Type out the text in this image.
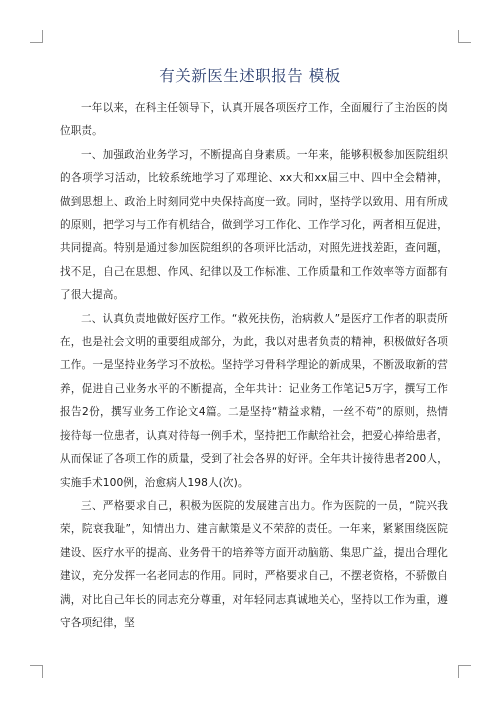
有关新医生述职报告 模板

一年以来，在科主任领导下，认真开展各项医疗工作，全面履行了主治医的岗位职责。

一、加强政治业务学习，不断提高自身素质。一年来，能够积极参加医院组织的各项学习活动，比较系统地学习了邓理论、xx大和xx届三中、四中全会精神，做到思想上、政治上时刻同党中央保持高度一致。同时，坚持学以致用、用有所成的原则，把学习与工作有机结合，做到学习工作化、工作学习化，两者相互促进，共同提高。特别是通过参加医院组织的各项评比活动，对照先进找差距，查问题，找不足，自己在思想、作风、纪律以及工作标准、工作质量和工作效率等方面都有了很大提高。

二、认真负责地做好医疗工作。“救死扶伤，治病救人”是医疗工作者的职责所在，也是社会文明的重要组成部分，为此，我以对患者负责的精神，积极做好各项工作。一是坚持业务学习不放松。坚持学习骨科学理论的新成果，不断汲取新的营养，促进自己业务水平的不断提高，全年共计：记业务工作笔记5万字，撰写工作报告2份，撰写业务工作论文4篇。二是坚持“精益求精，一丝不苟”的原则，热情接待每一位患者，认真对待每一例手术，坚持把工作献给社会，把爱心捧给患者，从而保证了各项工作的质量，受到了社会各界的好评。全年共计接待患者200人，实施手术100例，治愈病人198人(次)。

三、严格要求自己，积极为医院的发展建言出力。作为医院的一员，“院兴我荣，院衰我耻”，知情出力、建言献策是义不荣辞的责任。一年来，紧紧围绕医院建设、医疗水平的提高、业务骨干的培养等方面开动脑筋、集思广益，提出合理化建议，充分发挥一名老同志的作用。同时，严格要求自己，不摆老资格，不骄傲自满，对比自己年长的同志充分尊重，对年轻同志真诚地关心，坚持以工作为重，遵守各项纪律，坚
